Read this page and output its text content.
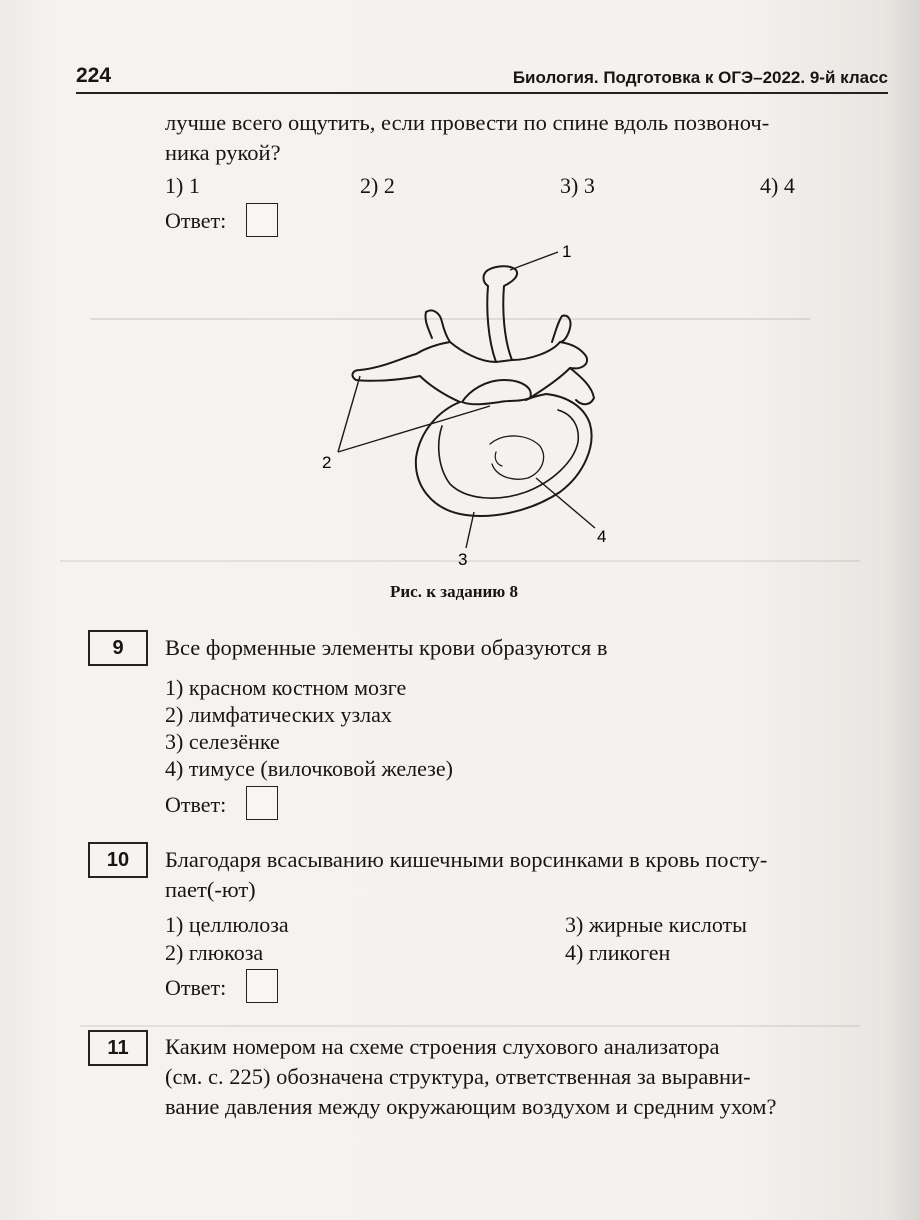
224	Биология. Подготовка к ОГЭ–2022. 9-й класс
лучше всего ощутить, если провести по спине вдоль позвоноч-
ника рукой?
1) 1	2) 2	3) 3	4) 4
Ответ:
1
2
3
4
Рис. к заданию 8
9	Все форменные элементы крови образуются в
1) красном костном мозге
2) лимфатических узлах
3) селезёнке
4) тимусе (вилочковой железе)
Ответ:
10	Благодаря всасыванию кишечными ворсинками в кровь посту-
пает(-ют)
1) целлюлоза	3) жирные кислоты
2) глюкоза	4) гликоген
Ответ:
11	Каким номером на схеме строения слухового анализатора
(см. с. 225) обозначена структура, ответственная за выравни-
вание давления между окружающим воздухом и средним ухом?
